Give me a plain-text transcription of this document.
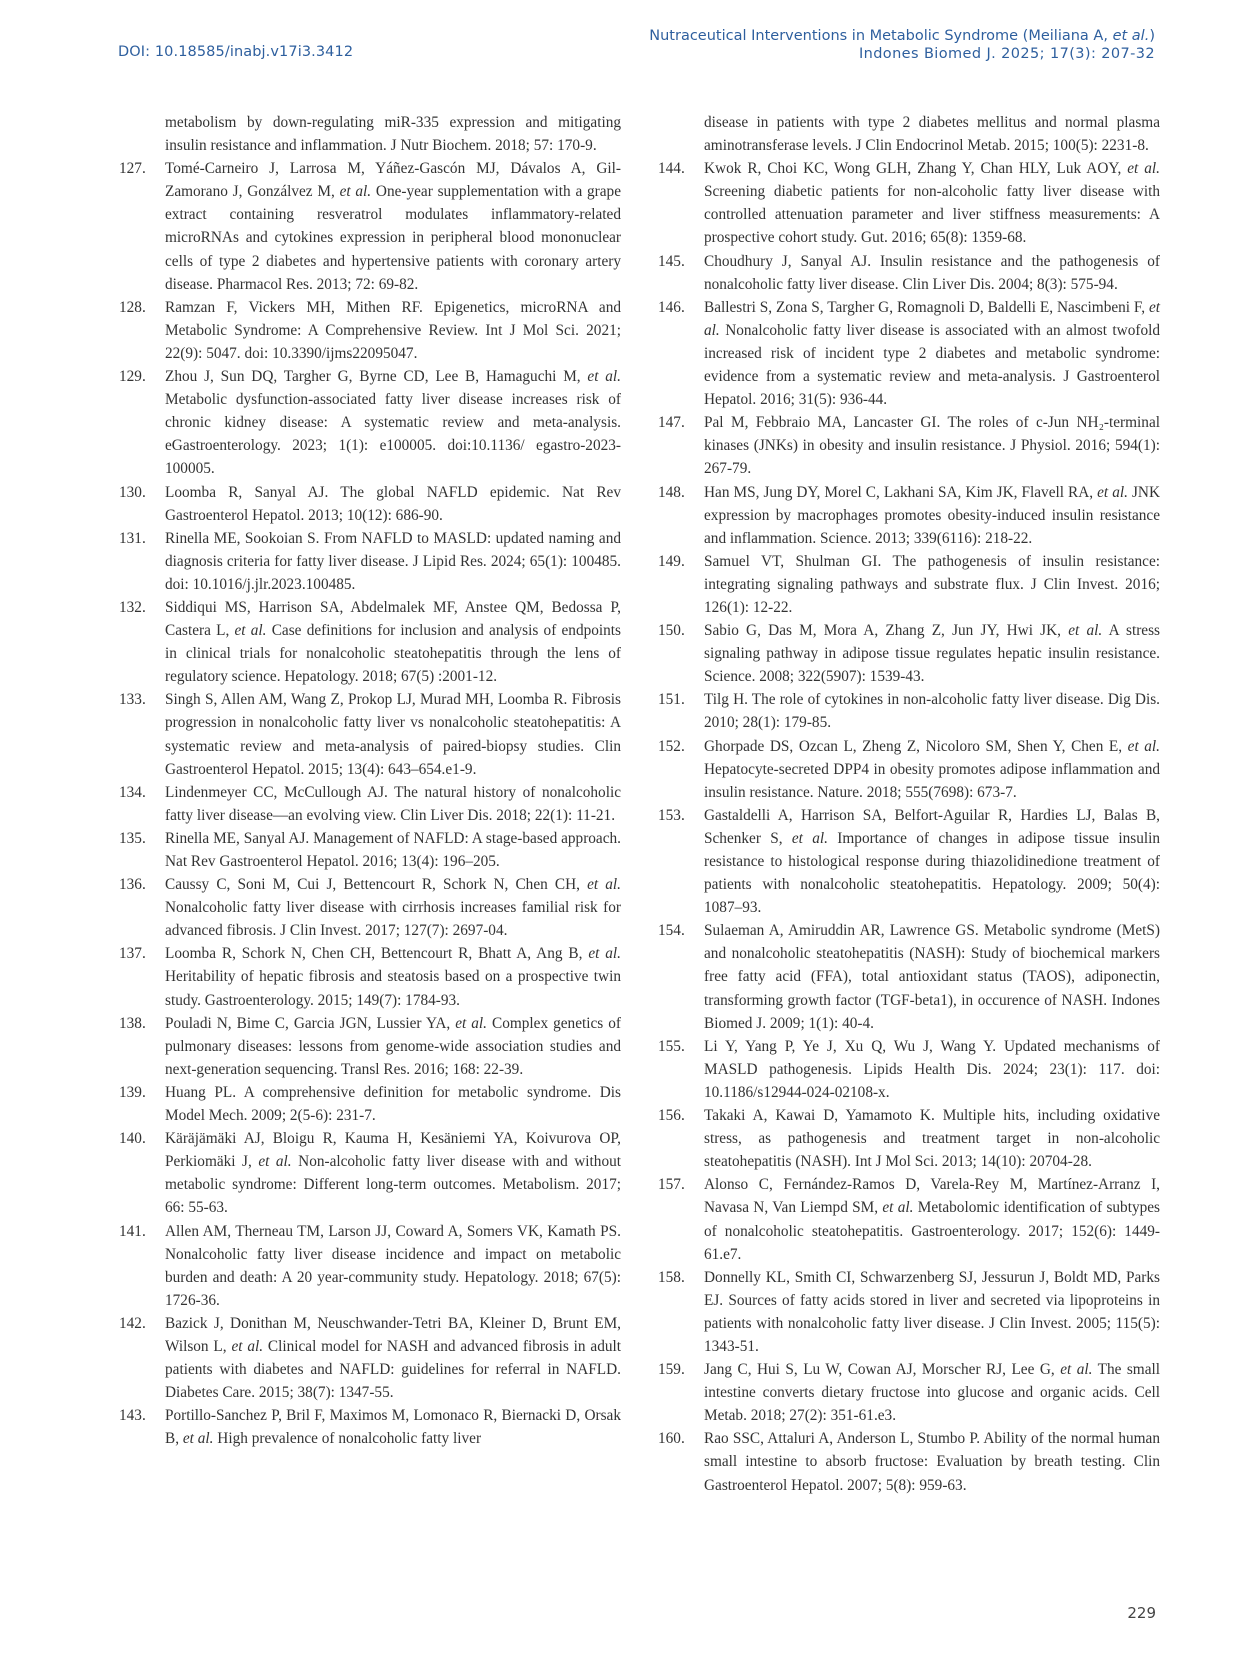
DOI: 10.18585/inabj.v17i3.3412
Nutraceutical Interventions in Metabolic Syndrome (Meiliana A, et al.)
Indones Biomed J. 2025; 17(3): 207-32
metabolism by down-regulating miR-335 expression and mitigating insulin resistance and inflammation. J Nutr Biochem. 2018; 57: 170-9.
127. Tomé-Carneiro J, Larrosa M, Yáñez-Gascón MJ, Dávalos A, Gil-Zamorano J, Gonzálvez M, et al. One-year supplementation with a grape extract containing resveratrol modulates inflammatory-related microRNAs and cytokines expression in peripheral blood mononuclear cells of type 2 diabetes and hypertensive patients with coronary artery disease. Pharmacol Res. 2013; 72: 69-82.
128. Ramzan F, Vickers MH, Mithen RF. Epigenetics, microRNA and Metabolic Syndrome: A Comprehensive Review. Int J Mol Sci. 2021; 22(9): 5047. doi: 10.3390/ijms22095047.
129. Zhou J, Sun DQ, Targher G, Byrne CD, Lee B, Hamaguchi M, et al. Metabolic dysfunction-associated fatty liver disease increases risk of chronic kidney disease: A systematic review and meta-analysis. eGastroenterology. 2023; 1(1): e100005. doi:10.1136/ egastro-2023-100005.
130. Loomba R, Sanyal AJ. The global NAFLD epidemic. Nat Rev Gastroenterol Hepatol. 2013; 10(12): 686-90.
131. Rinella ME, Sookoian S. From NAFLD to MASLD: updated naming and diagnosis criteria for fatty liver disease. J Lipid Res. 2024; 65(1): 100485. doi: 10.1016/j.jlr.2023.100485.
132. Siddiqui MS, Harrison SA, Abdelmalek MF, Anstee QM, Bedossa P, Castera L, et al. Case definitions for inclusion and analysis of endpoints in clinical trials for nonalcoholic steatohepatitis through the lens of regulatory science. Hepatology. 2018; 67(5) :2001-12.
133. Singh S, Allen AM, Wang Z, Prokop LJ, Murad MH, Loomba R. Fibrosis progression in nonalcoholic fatty liver vs nonalcoholic steatohepatitis: A systematic review and meta-analysis of paired-biopsy studies. Clin Gastroenterol Hepatol. 2015; 13(4): 643–654.e1-9.
134. Lindenmeyer CC, McCullough AJ. The natural history of nonalcoholic fatty liver disease—an evolving view. Clin Liver Dis. 2018; 22(1): 11-21.
135. Rinella ME, Sanyal AJ. Management of NAFLD: A stage-based approach. Nat Rev Gastroenterol Hepatol. 2016; 13(4): 196–205.
136. Caussy C, Soni M, Cui J, Bettencourt R, Schork N, Chen CH, et al. Nonalcoholic fatty liver disease with cirrhosis increases familial risk for advanced fibrosis. J Clin Invest. 2017; 127(7): 2697-04.
137. Loomba R, Schork N, Chen CH, Bettencourt R, Bhatt A, Ang B, et al. Heritability of hepatic fibrosis and steatosis based on a prospective twin study. Gastroenterology. 2015; 149(7): 1784-93.
138. Pouladi N, Bime C, Garcia JGN, Lussier YA, et al. Complex genetics of pulmonary diseases: lessons from genome-wide association studies and next-generation sequencing. Transl Res. 2016; 168: 22-39.
139. Huang PL. A comprehensive definition for metabolic syndrome. Dis Model Mech. 2009; 2(5-6): 231-7.
140. Käräjämäki AJ, Bloigu R, Kauma H, Kesäniemi YA, Koivurova OP, Perkiomäki J, et al. Non-alcoholic fatty liver disease with and without metabolic syndrome: Different long-term outcomes. Metabolism. 2017; 66: 55-63.
141. Allen AM, Therneau TM, Larson JJ, Coward A, Somers VK, Kamath PS. Nonalcoholic fatty liver disease incidence and impact on metabolic burden and death: A 20 year-community study. Hepatology. 2018; 67(5): 1726-36.
142. Bazick J, Donithan M, Neuschwander-Tetri BA, Kleiner D, Brunt EM, Wilson L, et al. Clinical model for NASH and advanced fibrosis in adult patients with diabetes and NAFLD: guidelines for referral in NAFLD. Diabetes Care. 2015; 38(7): 1347-55.
143. Portillo-Sanchez P, Bril F, Maximos M, Lomonaco R, Biernacki D, Orsak B, et al. High prevalence of nonalcoholic fatty liver
disease in patients with type 2 diabetes mellitus and normal plasma aminotransferase levels. J Clin Endocrinol Metab. 2015; 100(5): 2231-8.
144. Kwok R, Choi KC, Wong GLH, Zhang Y, Chan HLY, Luk AOY, et al. Screening diabetic patients for non-alcoholic fatty liver disease with controlled attenuation parameter and liver stiffness measurements: A prospective cohort study. Gut. 2016; 65(8): 1359-68.
145. Choudhury J, Sanyal AJ. Insulin resistance and the pathogenesis of nonalcoholic fatty liver disease. Clin Liver Dis. 2004; 8(3): 575-94.
146. Ballestri S, Zona S, Targher G, Romagnoli D, Baldelli E, Nascimbeni F, et al. Nonalcoholic fatty liver disease is associated with an almost twofold increased risk of incident type 2 diabetes and metabolic syndrome: evidence from a systematic review and meta-analysis. J Gastroenterol Hepatol. 2016; 31(5): 936-44.
147. Pal M, Febbraio MA, Lancaster GI. The roles of c-Jun NH₂-terminal kinases (JNKs) in obesity and insulin resistance. J Physiol. 2016; 594(1): 267-79.
148. Han MS, Jung DY, Morel C, Lakhani SA, Kim JK, Flavell RA, et al. JNK expression by macrophages promotes obesity-induced insulin resistance and inflammation. Science. 2013; 339(6116): 218-22.
149. Samuel VT, Shulman GI. The pathogenesis of insulin resistance: integrating signaling pathways and substrate flux. J Clin Invest. 2016; 126(1): 12-22.
150. Sabio G, Das M, Mora A, Zhang Z, Jun JY, Hwi JK, et al. A stress signaling pathway in adipose tissue regulates hepatic insulin resistance. Science. 2008; 322(5907): 1539-43.
151. Tilg H. The role of cytokines in non-alcoholic fatty liver disease. Dig Dis. 2010; 28(1): 179-85.
152. Ghorpade DS, Ozcan L, Zheng Z, Nicoloro SM, Shen Y, Chen E, et al. Hepatocyte-secreted DPP4 in obesity promotes adipose inflammation and insulin resistance. Nature. 2018; 555(7698): 673-7.
153. Gastaldelli A, Harrison SA, Belfort-Aguilar R, Hardies LJ, Balas B, Schenker S, et al. Importance of changes in adipose tissue insulin resistance to histological response during thiazolidinedione treatment of patients with nonalcoholic steatohepatitis. Hepatology. 2009; 50(4): 1087–93.
154. Sulaeman A, Amiruddin AR, Lawrence GS. Metabolic syndrome (MetS) and nonalcoholic steatohepatitis (NASH): Study of biochemical markers free fatty acid (FFA), total antioxidant status (TAOS), adiponectin, transforming growth factor (TGF-beta1), in occurence of NASH. Indones Biomed J. 2009; 1(1): 40-4.
155. Li Y, Yang P, Ye J, Xu Q, Wu J, Wang Y. Updated mechanisms of MASLD pathogenesis. Lipids Health Dis. 2024; 23(1): 117. doi: 10.1186/s12944-024-02108-x.
156. Takaki A, Kawai D, Yamamoto K. Multiple hits, including oxidative stress, as pathogenesis and treatment target in non-alcoholic steatohepatitis (NASH). Int J Mol Sci. 2013; 14(10): 20704-28.
157. Alonso C, Fernández-Ramos D, Varela-Rey M, Martínez-Arranz I, Navasa N, Van Liempd SM, et al. Metabolomic identification of subtypes of nonalcoholic steatohepatitis. Gastroenterology. 2017; 152(6): 1449-61.e7.
158. Donnelly KL, Smith CI, Schwarzenberg SJ, Jessurun J, Boldt MD, Parks EJ. Sources of fatty acids stored in liver and secreted via lipoproteins in patients with nonalcoholic fatty liver disease. J Clin Invest. 2005; 115(5): 1343-51.
159. Jang C, Hui S, Lu W, Cowan AJ, Morscher RJ, Lee G, et al. The small intestine converts dietary fructose into glucose and organic acids. Cell Metab. 2018; 27(2): 351-61.e3.
160. Rao SSC, Attaluri A, Anderson L, Stumbo P. Ability of the normal human small intestine to absorb fructose: Evaluation by breath testing. Clin Gastroenterol Hepatol. 2007; 5(8): 959-63.
229
